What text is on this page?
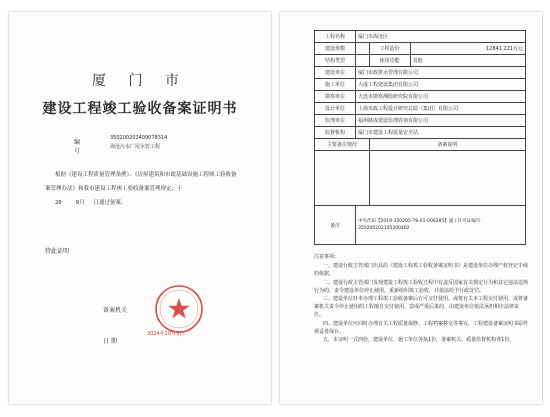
厦 门 市
建设工程竣工验收备案证明书
编号
350200202409078314
海沧污水厂尾水管工程

根据《建设工程质量管理条例》、《房屋建筑和市政基础设施工程竣工验收备案管理办法》和我市建设工程竣工验收备案管理规定，于

20	9月 日通过备案。

特此证明
备案机关
日 期
2024年10月9日
工程名称	厦门市海沧区		
建设规模		工程造价	12841.221万元
结构类型		使用功能	其他
建设单位	厦门市政排水管理有限公司		
施工单位	大成工程建设集团有限公司		
勘察单位	大连市勘察测绘研究院有限公司		
设计单位	上海市政工程设计研究总院（集团）有限公司		
监理单位	福州路成建设监理咨询有限公司		
监督机构	厦门市建设工程质量安全站		
主要备注情况		备案说明	

备注	中央代码【2019-350205-78-01-006285】施工许可证编号：
350200202105300402		

注意事项：

一、建设行政主管部门出具的《建设工程竣工验收备案证明书》是建设单位办理产权登记手续的依据。

二、建设行政主管部门发现建设工程竣工验收过程中有违反国家有关规定行为和其它违法违规行为的，责令建设单位停止使用，重新组织竣工验收，并依法给予行政处罚。

三、建设单位持本办理工程竣工验收备案后方可交付使用。或将有关本工程交付使用，或将备案机关责令停止使用的工程擅自交付使用，造成严重后果的，由建设单位依法承担相应法律责任。

四、建设单位应同时办理有关工程质量保修、工程档案移交等事宜，工程建设备案证明书原件须妥善保存。

五、本证明一式四份，建设单位、施工单位各执1份，备案机关、质量监督机构各1份。
